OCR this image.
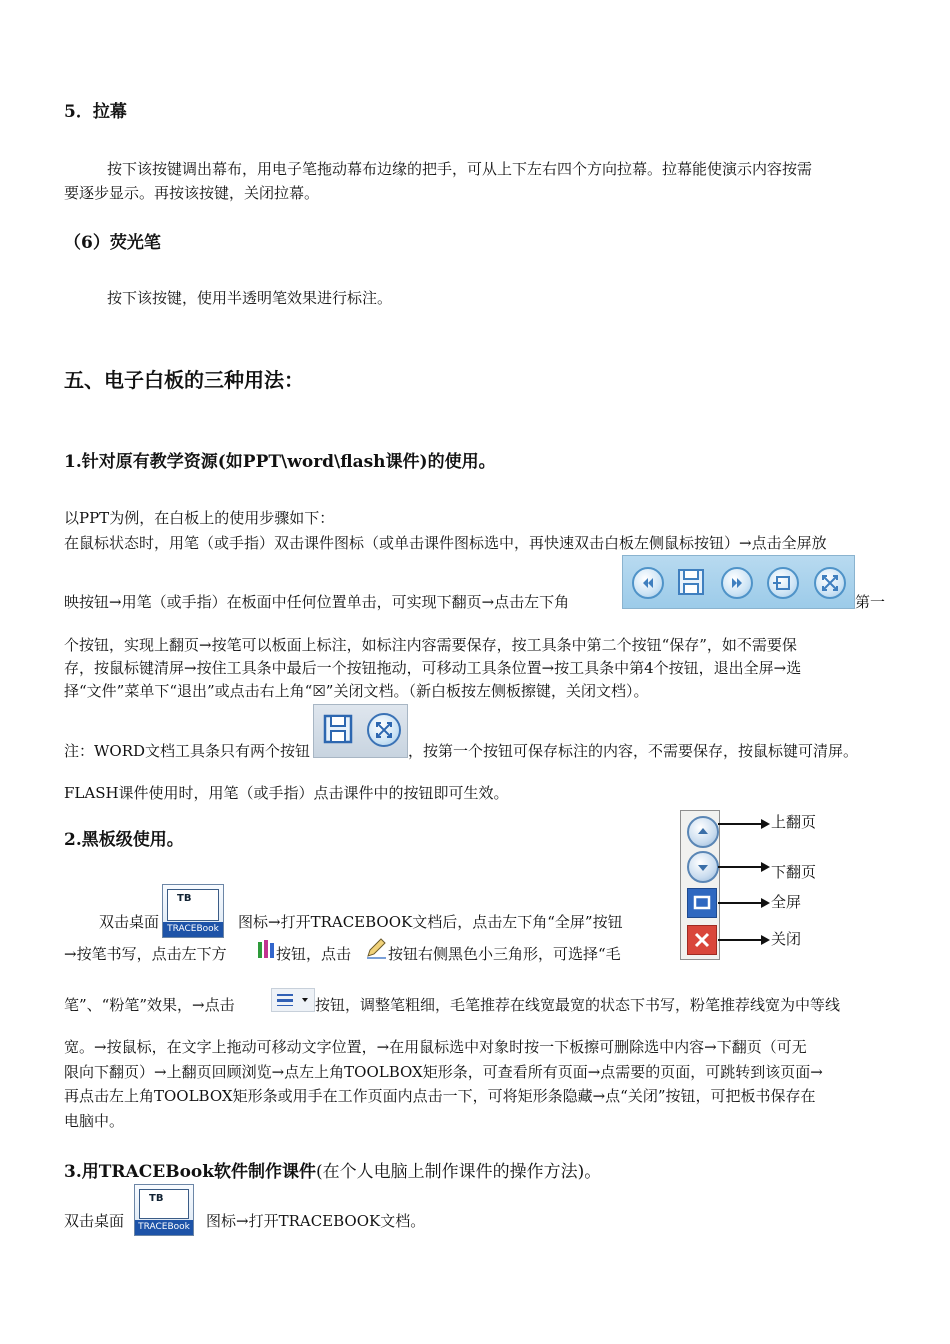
5．拉幕
按下该按键调出幕布，用电子笔拖动幕布边缘的把手，可从上下左右四个方向拉幕。拉幕能使演示内容按需
要逐步显示。再按该按键，关闭拉幕。
（6）荧光笔
按下该按键，使用半透明笔效果进行标注。
五、电子白板的三种用法：
1.针对原有教学资源(如PPT\word\flash课件)的使用。
以PPT为例，在白板上的使用步骤如下：
在鼠标状态时，用笔（或手指）双击课件图标（或单击课件图标选中，再快速双击白板左侧鼠标按钮）→点击全屏放
映按钮→用笔（或手指）在板面中任何位置单击，可实现下翻页→点击左下角	第一
个按钮，实现上翻页→按笔可以板面上标注，如标注内容需要保存，按工具条中第二个按钮“保存”，如不需要保
存，按鼠标键清屏→按住工具条中最后一个按钮拖动，可移动工具条位置→按工具条中第4个按钮，退出全屏→选
择“文件”菜单下“退出”或点击右上角“☒”关闭文档。（新白板按左侧板擦键，关闭文档）。
注：WORD文档工具条只有两个按钮	，按第一个按钮可保存标注的内容，不需要保存，按鼠标键可清屏。
FLASH课件使用时，用笔（或手指）点击课件中的按钮即可生效。
2.黑板级使用。
上翻页
下翻页
全屏
关闭
双击桌面
TB
TRACEBook 图标→打开TRACEBOOK文档后，点击左下角“全屏”按钮
→按笔书写，点击左下方	按钮，点击 按钮右侧黑色小三角形，可选择“毛
笔”、“粉笔”效果，→点击	按钮，调整笔粗细，毛笔推荐在线宽最宽的状态下书写，粉笔推荐线宽为中等线
宽。→按鼠标，在文字上拖动可移动文字位置，→在用鼠标选中对象时按一下板擦可删除选中内容→下翻页（可无
限向下翻页）→上翻页回顾浏览→点左上角TOOLBOX矩形条，可查看所有页面→点需要的页面，可跳转到该页面→
再点击左上角TOOLBOX矩形条或用手在工作页面内点击一下，可将矩形条隐藏→点“关闭”按钮，可把板书保存在
电脑中。
3.用TRACEBook软件制作课件(在个人电脑上制作课件的操作方法)。
双击桌面
TB
TRACEBook 图标→打开TRACEBOOK文档。
